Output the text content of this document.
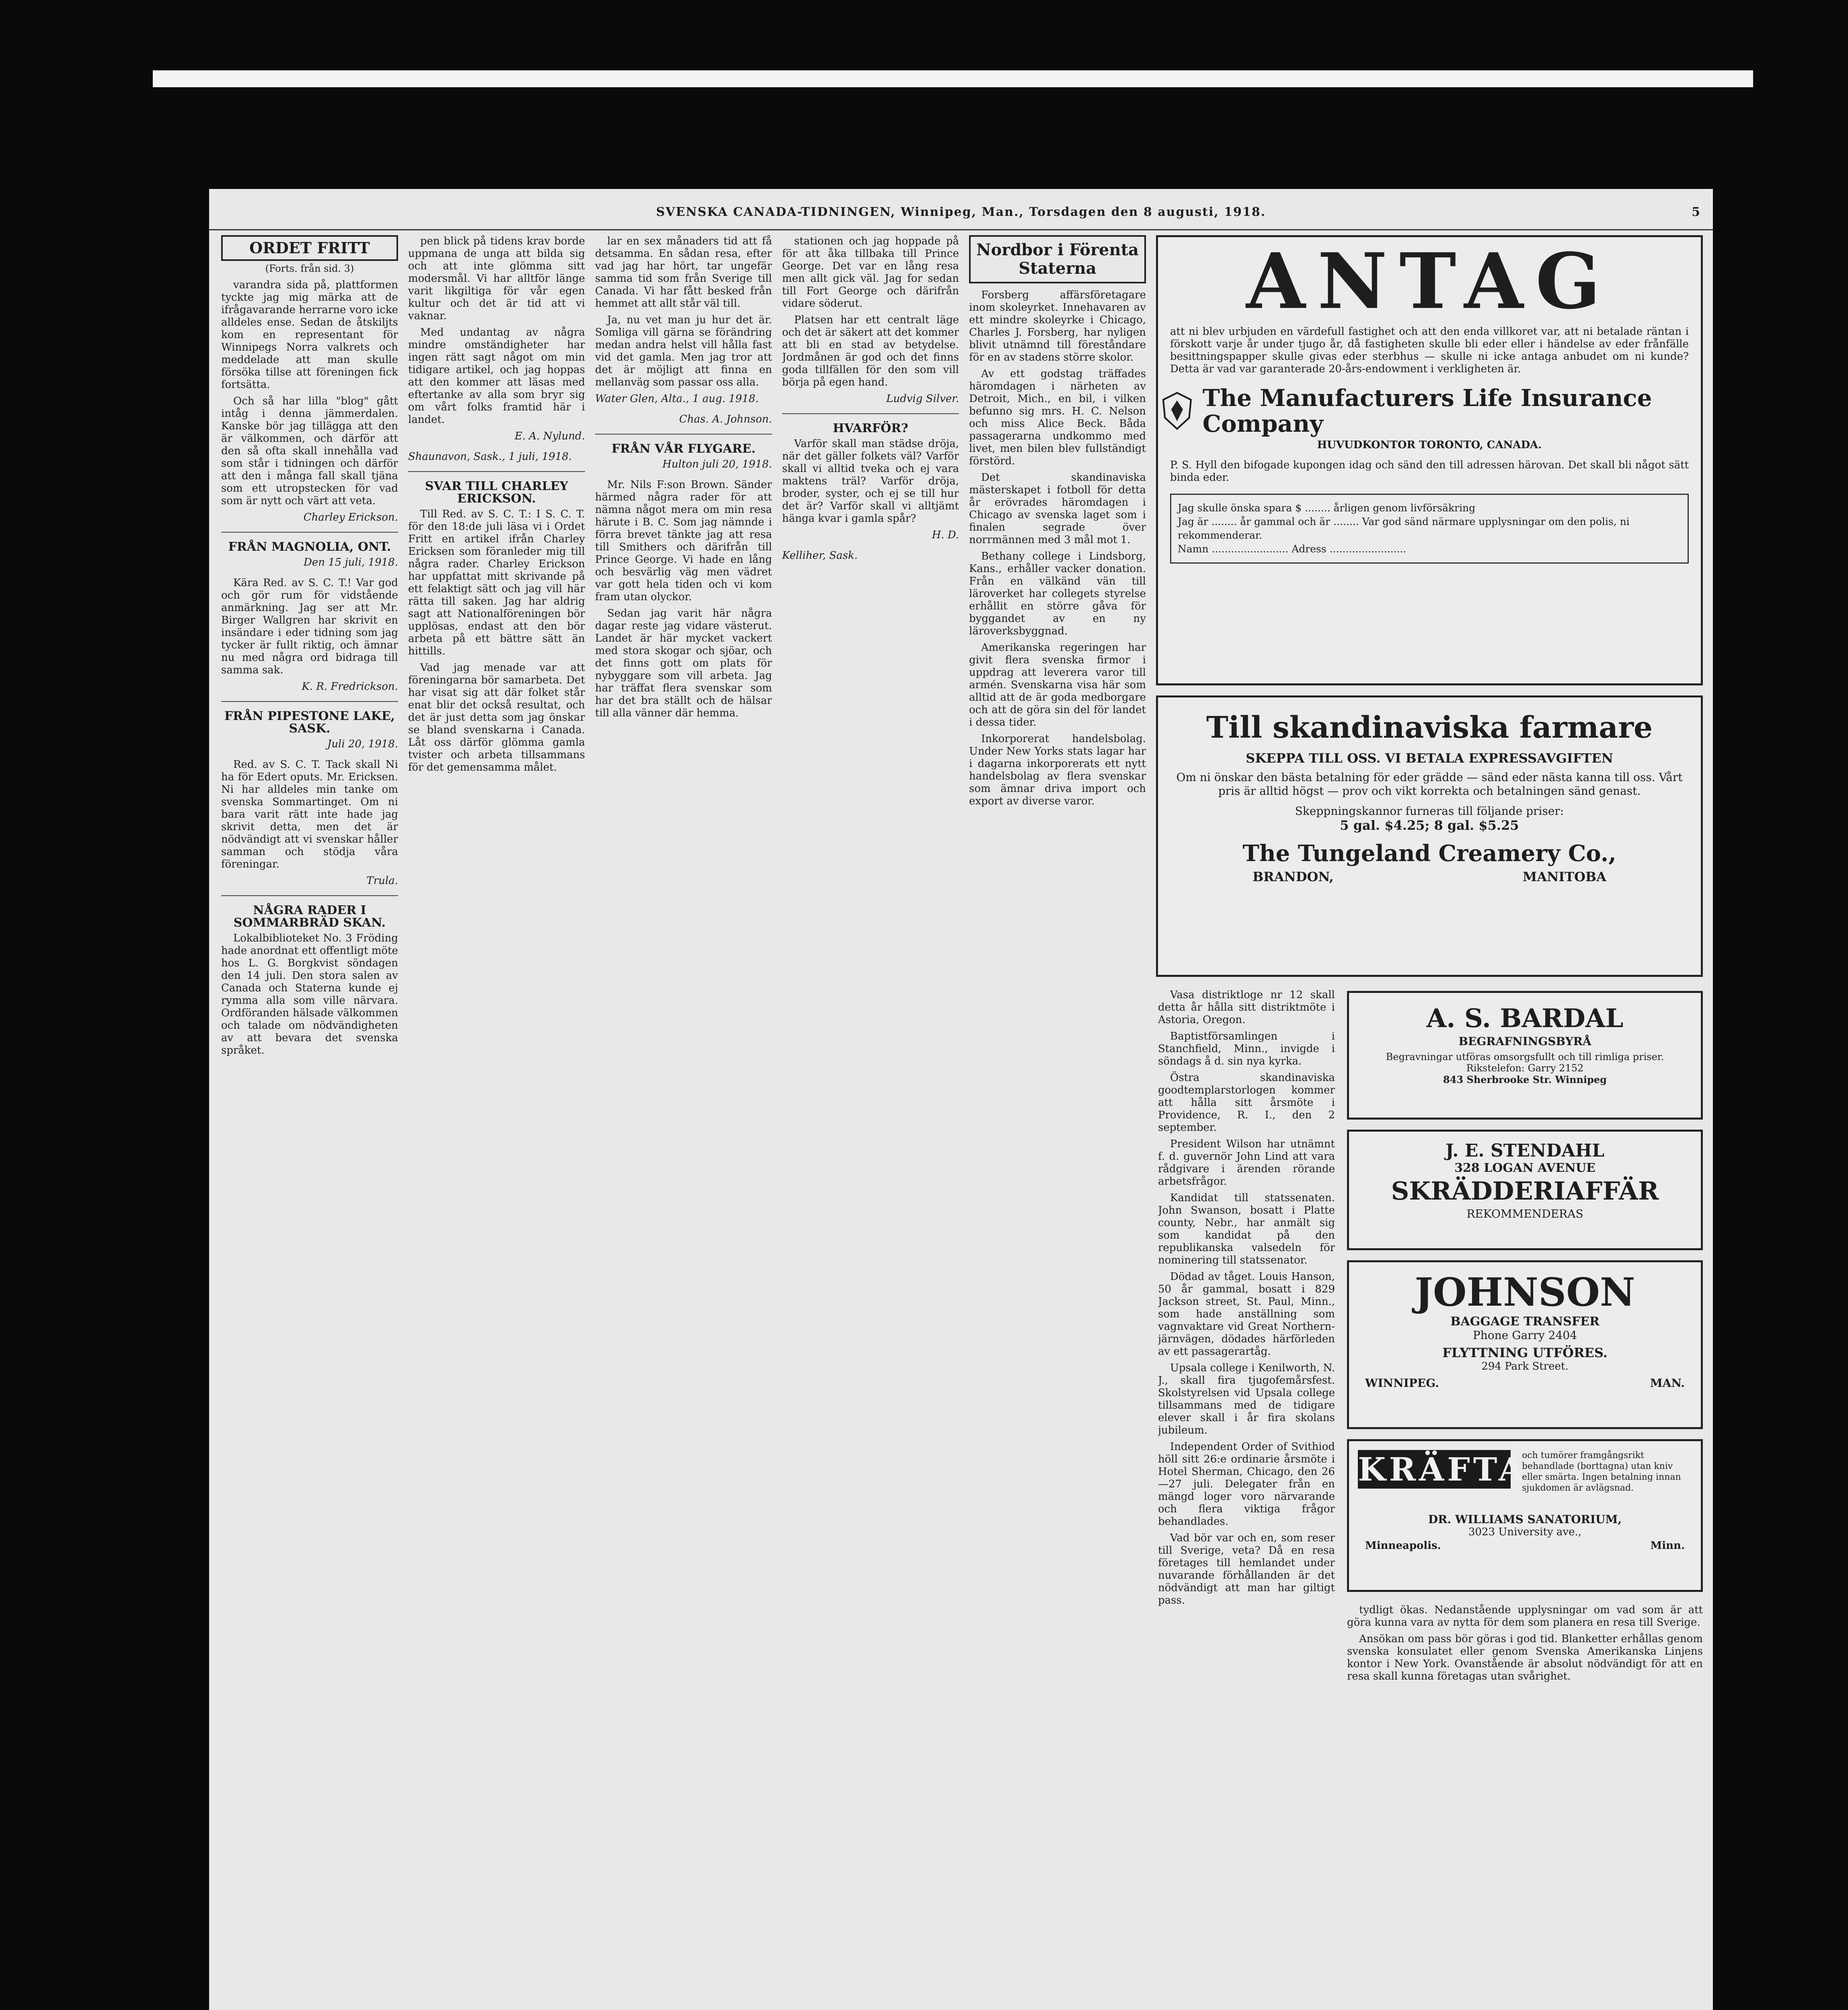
SVENSKA CANADA-TIDNINGEN, Winnipeg, Man., Torsdagen den 8 augusti, 1918.	5
ORDET FRITT
(Forts. från sid. 3)

varandra sida på, plattformen tyckte jag mig märka att de ifrågavarande herrarne voro icke alldeles ense. Sedan de åtskiljts kom en representant för Winnipegs Norra valkrets och meddelade att man skulle försöka tillse att föreningen fick fortsätta.

Och så har lilla "blog" gått intåg i denna jämmerdalen. Kanske bör jag tillägga att den är välkommen, och därför att den så ofta skall innehålla vad som står i tidningen och därför att den i många fall skall tjäna som ett utropstecken för vad som är nytt och värt att veta.

Charley Erickson.
FRÅN MAGNOLIA, ONT.
Den 15 juli, 1918.

Kära Red. av S. C. T.! Var god och gör rum för vidstående anmärkning. Jag ser att Mr. Birger Wallgren har skrivit en insändare i eder tidning som jag tycker är fullt riktig, och ämnar nu med några ord bidraga till samma sak.

K. R. Fredrickson.
FRÅN PIPESTONE LAKE, SASK.
Juli 20, 1918.

Red. av S. C. T. Tack skall Ni ha för Edert oputs. Mr. Ericksen. Ni har alldeles min tanke om svenska Sommartinget. Om ni bara varit rätt inte hade jag skrivit detta, men det är nödvändigt att vi svenskar håller samman och stödja våra föreningar.

Trula.
NÅGRA RADER I SOMMARBRÄD SKAN.

Lokalbiblioteket No. 3 Fröding hade anordnat ett offentligt möte hos L. G. Borgkvist söndagen den 14 juli. Den stora salen av Canada och Staterna kunde ej rymma alla som ville närvara. Ordföranden hälsade välkommen och talade om nödvändigheten av att bevara det svenska språket.

pen blick på tidens krav borde uppmana de unga att bilda sig och att inte glömma sitt modersmål. Vi har alltför länge varit likgiltiga för vår egen kultur och det är tid att vi vaknar.

Med undantag av några mindre omständigheter har ingen rätt sagt något om min tidigare artikel, och jag hoppas att den kommer att läsas med eftertanke av alla som bryr sig om vårt folks framtid här i landet.

E. A. Nylund.
Shaunavon, Sask., 1 juli, 1918.
SVAR TILL CHARLEY ERICKSON.

Till Red. av S. C. T.: I S. C. T. för den 18:de juli läsa vi i Ordet Fritt en artikel ifrån Charley Ericksen som föranleder mig till några rader. Charley Erickson har uppfattat mitt skrivande på ett felaktigt sätt och jag vill här rätta till saken. Jag har aldrig sagt att Nationalföreningen bör upplösas, endast att den bör arbeta på ett bättre sätt än hittills.

Vad jag menade var att föreningarna bör samarbeta. Det har visat sig att där folket står enat blir det också resultat, och det är just detta som jag önskar se bland svenskarna i Canada. Låt oss därför glömma gamla tvister och arbeta tillsammans för det gemensamma målet.

lar en sex månaders tid att få detsamma. En sådan resa, efter vad jag har hört, tar ungefär samma tid som från Sverige till Canada. Vi har fått besked från hemmet att allt står väl till.

Ja, nu vet man ju hur det är. Somliga vill gärna se förändring medan andra helst vill hålla fast vid det gamla. Men jag tror att det är möjligt att finna en mellanväg som passar oss alla.

Water Glen, Alta., 1 aug. 1918.
Chas. A. Johnson.
FRÅN VÅR FLYGARE.
Hulton juli 20, 1918.

Mr. Nils F:son Brown. Sänder härmed några rader för att nämna något mera om min resa härute i B. C. Som jag nämnde i förra brevet tänkte jag att resa till Smithers och därifrån till Prince George. Vi hade en lång och besvärlig väg men vädret var gott hela tiden och vi kom fram utan olyckor.

Sedan jag varit här några dagar reste jag vidare västerut. Landet är här mycket vackert med stora skogar och sjöar, och det finns gott om plats för nybyggare som vill arbeta. Jag har träffat flera svenskar som har det bra ställt och de hälsar till alla vänner där hemma.

stationen och jag hoppade på för att åka tillbaka till Prince George. Det var en lång resa men allt gick väl. Jag for sedan till Fort George och därifrån vidare söderut.

Platsen har ett centralt läge och det är säkert att det kommer att bli en stad av betydelse. Jordmånen är god och det finns goda tillfällen för den som vill börja på egen hand.

Ludvig Silver.
HVARFÖR?

Varför skall man städse dröja, när det gäller folkets väl? Varför skall vi alltid tveka och ej vara maktens träl? Varför dröja, broder, syster, och ej se till hur det är? Varför skall vi alltjämt hänga kvar i gamla spår?

H. D.
Kelliher, Sask.
Nordbor i Förenta Staterna

Forsberg affärsföretagare inom skoleyrket. Innehavaren av ett mindre skoleyrke i Chicago, Charles J. Forsberg, har nyligen blivit utnämnd till föreståndare för en av stadens större skolor.

Av ett godstag träffades häromdagen i närheten av Detroit, Mich., en bil, i vilken befunno sig mrs. H. C. Nelson och miss Alice Beck. Båda passagerarna undkommo med livet, men bilen blev fullständigt förstörd.

Det skandinaviska mästerskapet i fotboll för detta år erövrades häromdagen i Chicago av svenska laget som i finalen segrade över norrmännen med 3 mål mot 1.

Bethany college i Lindsborg, Kans., erhåller vacker donation. Från en välkänd vän till läroverket har collegets styrelse erhållit en större gåva för byggandet av en ny läroverksbyggnad.

Amerikanska regeringen har givit flera svenska firmor i uppdrag att leverera varor till armén. Svenskarna visa här som alltid att de är goda medborgare och att de göra sin del för landet i dessa tider.

Inkorporerat handelsbolag. Under New Yorks stats lagar har i dagarna inkorporerats ett nytt handelsbolag av flera svenskar som ämnar driva import och export av diverse varor.

ANTAG
att ni blev urbjuden en värdefull fastighet och att den enda villkoret var, att ni betalade räntan i förskott varje år under tjugo år, då fastigheten skulle bli eder eller i händelse av eder frånfälle besittningspapper skulle givas eder sterbhus — skulle ni icke antaga anbudet om ni kunde? Detta är vad var garanterade 20-års-endowment i verkligheten är.
The Manufacturers Life Insurance Company
HUVUDKONTOR TORONTO, CANADA.
P. S. Hyll den bifogade kupongen idag och sänd den till adressen härovan. Det skall bli något sätt binda eder.
Jag skulle önska spara $ ........ årligen genom livförsäkring
Jag är ........ år gammal och är ........ Var god sänd närmare upplysningar om den polis, ni rekommenderar.
Namn ........................ Adress ........................
Till skandinaviska farmare
SKEPPA TILL OSS. VI BETALA EXPRESSAVGIFTEN
Om ni önskar den bästa betalning för eder grädde — sänd eder nästa kanna till oss. Vårt pris är alltid högst — prov och vikt korrekta och betalningen sänd genast.
Skeppningskannor furneras till följande priser:
5 gal. $4.25; 8 gal. $5.25
The Tungeland Creamery Co.,
BRANDON,	MANITOBA

Vasa distriktloge nr 12 skall detta år hålla sitt distriktmöte i Astoria, Oregon.

Baptistförsamlingen i Stanchfield, Minn., invigde i söndags å d. sin nya kyrka.

Östra skandinaviska goodtemplarstorlogen kommer att hålla sitt årsmöte i Providence, R. I., den 2 september.

President Wilson har utnämnt f. d. guvernör John Lind att vara rådgivare i ärenden rörande arbetsfrågor.

Kandidat till statssenaten. John Swanson, bosatt i Platte county, Nebr., har anmält sig som kandidat på den republikanska valsedeln för nominering till statssenator.

Dödad av tåget. Louis Hanson, 50 år gammal, bosatt i 829 Jackson street, St. Paul, Minn., som hade anställning som vagnvaktare vid Great Northern-järnvägen, dödades härförleden av ett passagerartåg.

Upsala college i Kenilworth, N. J., skall fira tjugofemårsfest. Skolstyrelsen vid Upsala college tillsammans med de tidigare elever skall i år fira skolans jubileum.

Independent Order of Svithiod höll sitt 26:e ordinarie årsmöte i Hotel Sherman, Chicago, den 26—27 juli. Delegater från en mängd loger voro närvarande och flera viktiga frågor behandlades.

Vad bör var och en, som reser till Sverige, veta? Då en resa företages till hemlandet under nuvarande förhållanden är det nödvändigt att man har giltigt pass.

A. S. BARDAL
BEGRAFNINGSBYRÅ
Begravningar utföras omsorgsfullt och till rimliga priser.
Rikstelefon: Garry 2152
843 Sherbrooke Str. Winnipeg
J. E. STENDAHL
328 LOGAN AVENUE
SKRÄDDERIAFFÄR
REKOMMENDERAS
JOHNSON
BAGGAGE TRANSFER
Phone Garry 2404
FLYTTNING UTFÖRES.
294 Park Street.
WINNIPEG.	MAN.
KRÄFTA
och tumörer framgångsrikt behandlade (borttagna) utan kniv eller smärta. Ingen betalning innan sjukdomen är avlägsnad.
DR. WILLIAMS SANATORIUM,
3023 University ave.,
Minneapolis.	Minn.

tydligt ökas. Nedanstående upplysningar om vad som är att göra kunna vara av nytta för dem som planera en resa till Sverige.

Ansökan om pass bör göras i god tid. Blanketter erhållas genom svenska konsulatet eller genom Svenska Amerikanska Linjens kontor i New York. Ovanstående är absolut nödvändigt för att en resa skall kunna företagas utan svårighet.
